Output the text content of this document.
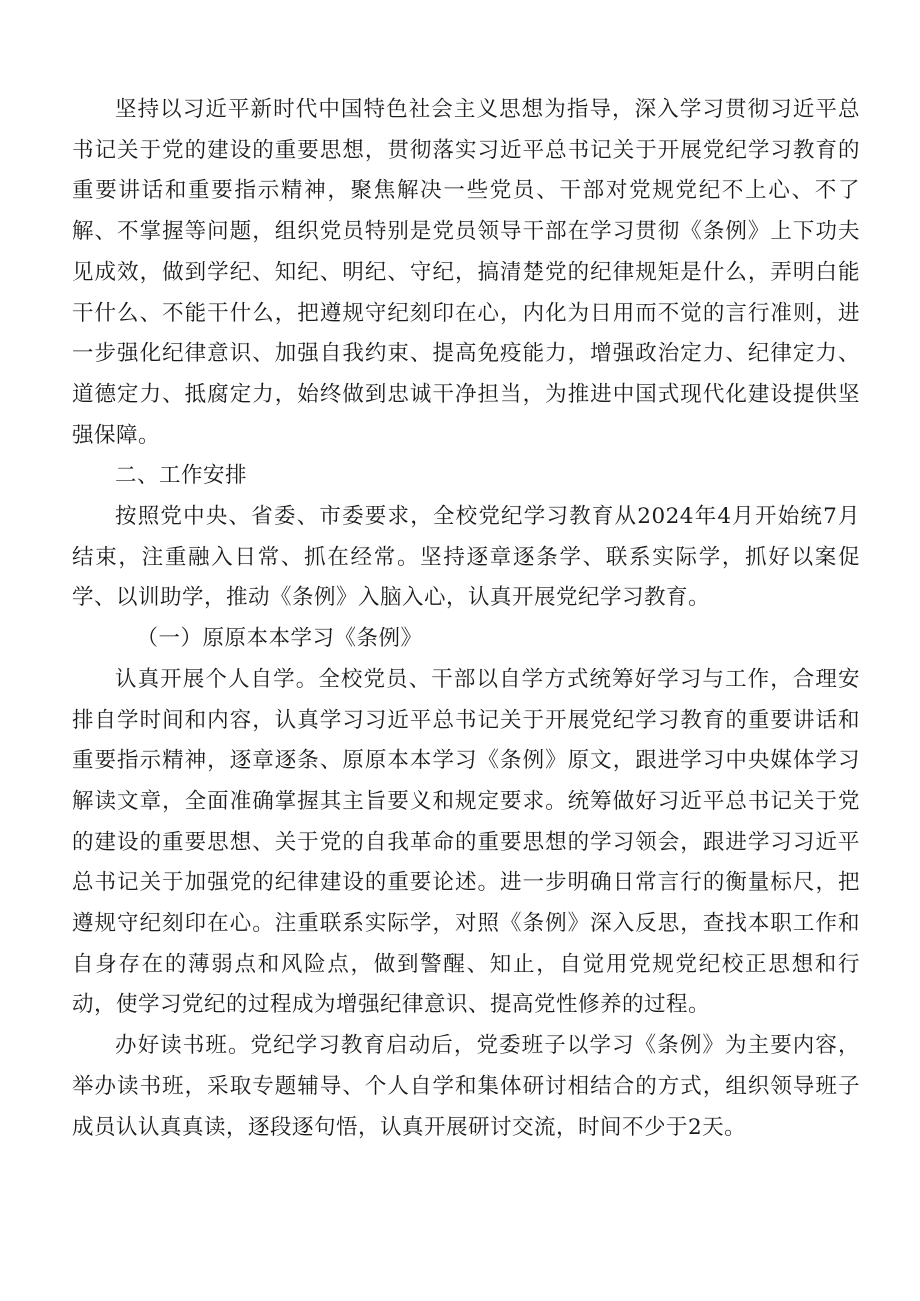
坚持以习近平新时代中国特色社会主义思想为指导，深入学习贯彻习近平总书记关于党的建设的重要思想，贯彻落实习近平总书记关于开展党纪学习教育的重要讲话和重要指示精神，聚焦解决一些党员、干部对党规党纪不上心、不了解、不掌握等问题，组织党员特别是党员领导干部在学习贯彻《条例》上下功夫见成效，做到学纪、知纪、明纪、守纪，搞清楚党的纪律规矩是什么，弄明白能干什么、不能干什么，把遵规守纪刻印在心，内化为日用而不觉的言行准则，进一步强化纪律意识、加强自我约束、提高免疫能力，增强政治定力、纪律定力、道德定力、抵腐定力，始终做到忠诚干净担当，为推进中国式现代化建设提供坚强保障。

二、工作安排

按照党中央、省委、市委要求，全校党纪学习教育从2024年4月开始统7月结束，注重融入日常、抓在经常。坚持逐章逐条学、联系实际学，抓好以案促学、以训助学，推动《条例》入脑入心，认真开展党纪学习教育。

（一）原原本本学习《条例》

认真开展个人自学。全校党员、干部以自学方式统筹好学习与工作，合理安排自学时间和内容，认真学习习近平总书记关于开展党纪学习教育的重要讲话和重要指示精神，逐章逐条、原原本本学习《条例》原文，跟进学习中央媒体学习解读文章，全面准确掌握其主旨要义和规定要求。统筹做好习近平总书记关于党的建设的重要思想、关于党的自我革命的重要思想的学习领会，跟进学习习近平总书记关于加强党的纪律建设的重要论述。进一步明确日常言行的衡量标尺，把遵规守纪刻印在心。注重联系实际学，对照《条例》深入反思，查找本职工作和自身存在的薄弱点和风险点，做到警醒、知止，自觉用党规党纪校正思想和行动，使学习党纪的过程成为增强纪律意识、提高党性修养的过程。

办好读书班。党纪学习教育启动后，党委班子以学习《条例》为主要内容，举办读书班，采取专题辅导、个人自学和集体研讨相结合的方式，组织领导班子成员认认真真读，逐段逐句悟，认真开展研讨交流，时间不少于2天。
